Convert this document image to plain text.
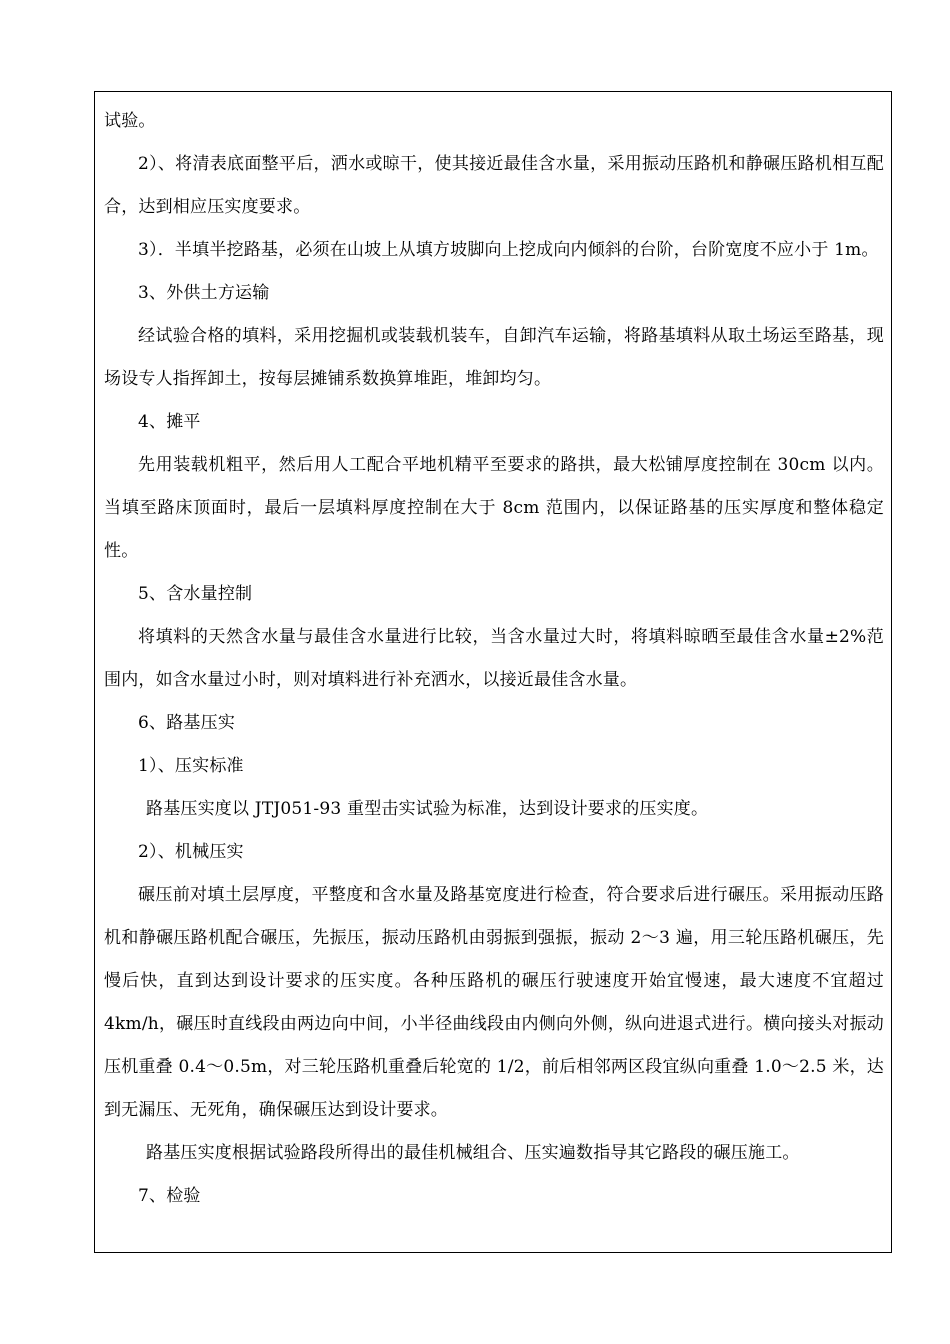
试验。

2）、将清表底面整平后，洒水或晾干，使其接近最佳含水量，采用振动压路机和静碾压路机相互配合，达到相应压实度要求。

3）．半填半挖路基，必须在山坡上从填方坡脚向上挖成向内倾斜的台阶，台阶宽度不应小于 1m。

3、外供土方运输

经试验合格的填料，采用挖掘机或装载机装车，自卸汽车运输，将路基填料从取土场运至路基，现场设专人指挥卸土，按每层摊铺系数换算堆距，堆卸均匀。

4、摊平

先用装载机粗平，然后用人工配合平地机精平至要求的路拱，最大松铺厚度控制在 30cm 以内。当填至路床顶面时，最后一层填料厚度控制在大于 8cm 范围内，以保证路基的压实厚度和整体稳定性。

5、含水量控制

将填料的天然含水量与最佳含水量进行比较，当含水量过大时，将填料晾晒至最佳含水量±2%范围内，如含水量过小时，则对填料进行补充洒水，以接近最佳含水量。

6、路基压实

1）、压实标准

路基压实度以 JTJ051-93 重型击实试验为标准，达到设计要求的压实度。

2）、机械压实

碾压前对填土层厚度，平整度和含水量及路基宽度进行检查，符合要求后进行碾压。采用振动压路机和静碾压路机配合碾压，先振压，振动压路机由弱振到强振，振动 2～3 遍，用三轮压路机碾压，先慢后快，直到达到设计要求的压实度。各种压路机的碾压行驶速度开始宜慢速，最大速度不宜超过 4km/h，碾压时直线段由两边向中间，小半径曲线段由内侧向外侧，纵向进退式进行。横向接头对振动压机重叠 0.4～0.5m，对三轮压路机重叠后轮宽的 1/2，前后相邻两区段宜纵向重叠 1.0～2.5 米，达到无漏压、无死角，确保碾压达到设计要求。

路基压实度根据试验路段所得出的最佳机械组合、压实遍数指导其它路段的碾压施工。

7、检验
